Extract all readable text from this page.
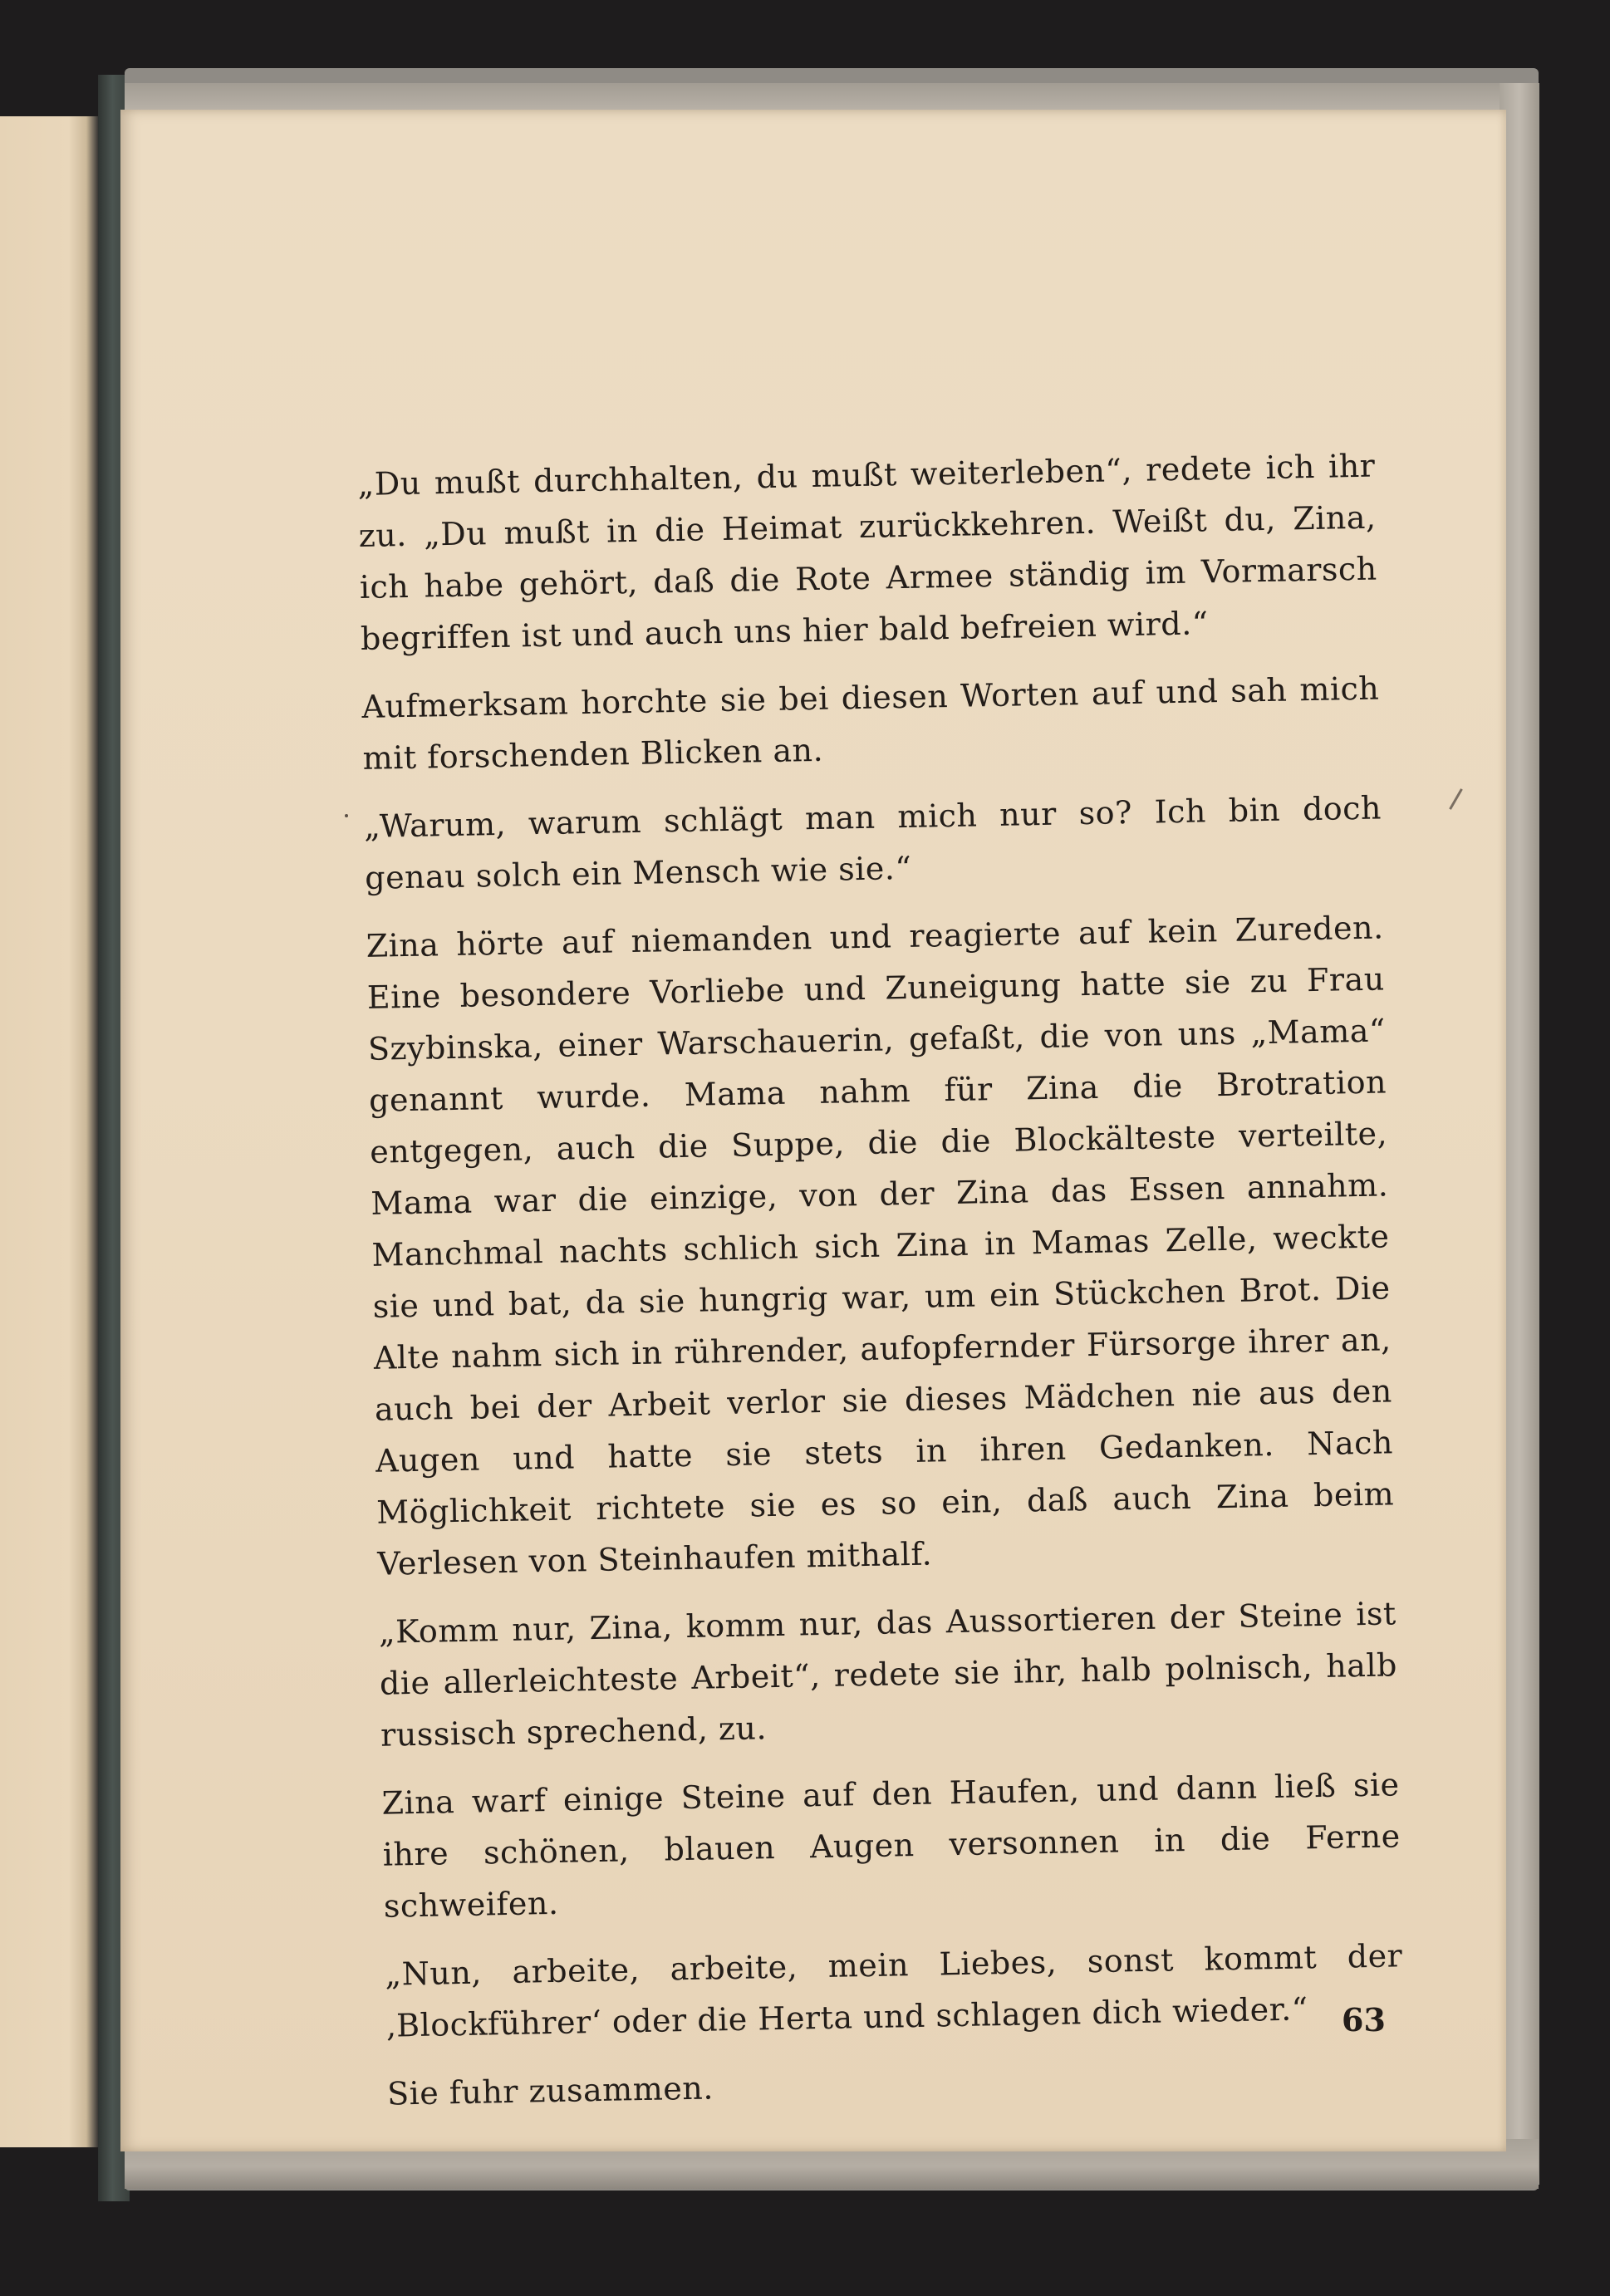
„Du mußt durchhalten, du mußt weiterleben“, redete ich ihr zu. „Du mußt in die Heimat zurückkehren. Weißt du, Zina, ich habe gehört, daß die Rote Armee ständig im Vormarsch begriffen ist und auch uns hier bald befreien wird.“

Aufmerksam horchte sie bei diesen Worten auf und sah mich mit forschenden Blicken an.

„Warum, warum schlägt man mich nur so? Ich bin doch genau solch ein Mensch wie sie.“

Zina hörte auf niemanden und reagierte auf kein Zureden. Eine besondere Vorliebe und Zuneigung hatte sie zu Frau Szybinska, einer Warschauerin, gefaßt, die von uns „Mama“ genannt wurde. Mama nahm für Zina die Brotration entgegen, auch die Suppe, die die Blockälteste verteilte, Mama war die einzige, von der Zina das Essen annahm. Manchmal nachts schlich sich Zina in Mamas Zelle, weckte sie und bat, da sie hungrig war, um ein Stückchen Brot. Die Alte nahm sich in rührender, aufopfernder Fürsorge ihrer an, auch bei der Arbeit verlor sie dieses Mädchen nie aus den Augen und hatte sie stets in ihren Gedanken. Nach Möglichkeit richtete sie es so ein, daß auch Zina beim Verlesen von Steinhaufen mithalf.

„Komm nur, Zina, komm nur, das Aussortieren der Steine ist die allerleichteste Arbeit“, redete sie ihr, halb polnisch, halb russisch sprechend, zu.

Zina warf einige Steine auf den Haufen, und dann ließ sie ihre schönen, blauen Augen versonnen in die Ferne schweifen.

„Nun, arbeite, arbeite, mein Liebes, sonst kommt der ‚Blockführer‘ oder die Herta und schlagen dich wieder.“

Sie fuhr zusammen.

63
